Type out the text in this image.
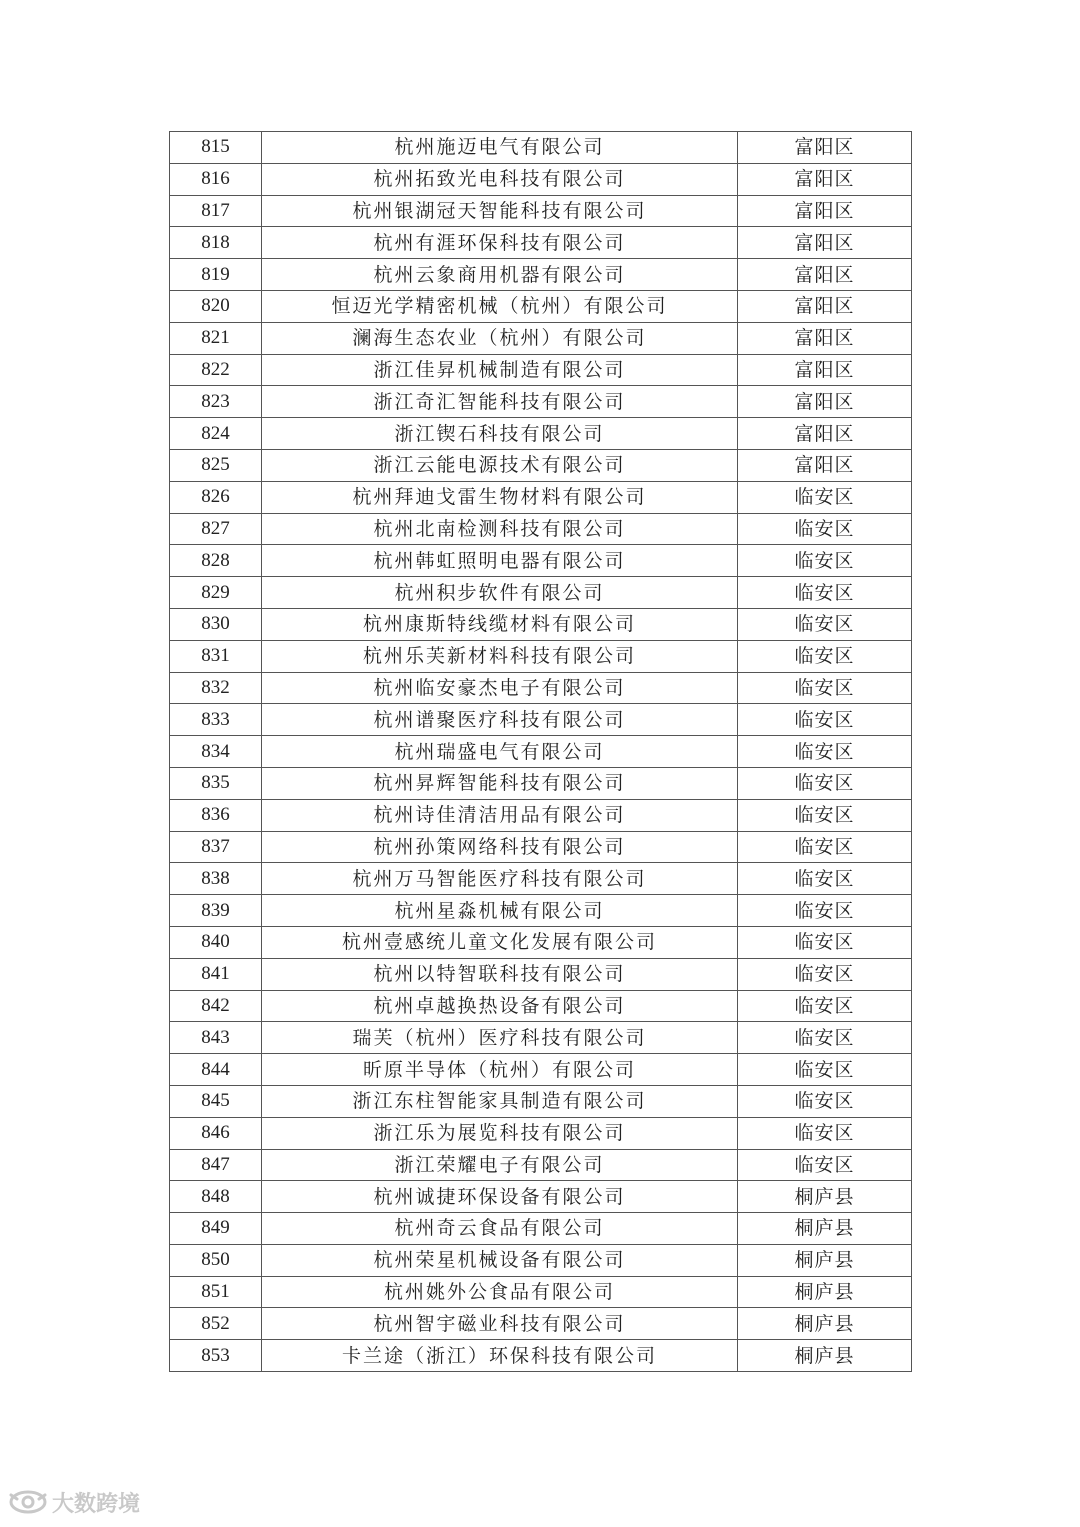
815	杭州施迈电气有限公司	富阳区
816	杭州拓致光电科技有限公司	富阳区
817	杭州银湖冠天智能科技有限公司	富阳区
818	杭州有涯环保科技有限公司	富阳区
819	杭州云象商用机器有限公司	富阳区
820	恒迈光学精密机械（杭州）有限公司	富阳区
821	澜海生态农业（杭州）有限公司	富阳区
822	浙江佳昇机械制造有限公司	富阳区
823	浙江奇汇智能科技有限公司	富阳区
824	浙江锲石科技有限公司	富阳区
825	浙江云能电源技术有限公司	富阳区
826	杭州拜迪戈雷生物材料有限公司	临安区
827	杭州北南检测科技有限公司	临安区
828	杭州韩虹照明电器有限公司	临安区
829	杭州积步软件有限公司	临安区
830	杭州康斯特线缆材料有限公司	临安区
831	杭州乐芙新材料科技有限公司	临安区
832	杭州临安豪杰电子有限公司	临安区
833	杭州谱聚医疗科技有限公司	临安区
834	杭州瑞盛电气有限公司	临安区
835	杭州昇辉智能科技有限公司	临安区
836	杭州诗佳清洁用品有限公司	临安区
837	杭州孙策网络科技有限公司	临安区
838	杭州万马智能医疗科技有限公司	临安区
839	杭州星淼机械有限公司	临安区
840	杭州壹感统儿童文化发展有限公司	临安区
841	杭州以特智联科技有限公司	临安区
842	杭州卓越换热设备有限公司	临安区
843	瑞芙（杭州）医疗科技有限公司	临安区
844	昕原半导体（杭州）有限公司	临安区
845	浙江东柱智能家具制造有限公司	临安区
846	浙江乐为展览科技有限公司	临安区
847	浙江荣耀电子有限公司	临安区
848	杭州诚捷环保设备有限公司	桐庐县
849	杭州奇云食品有限公司	桐庐县
850	杭州荣星机械设备有限公司	桐庐县
851	杭州姚外公食品有限公司	桐庐县
852	杭州智宇磁业科技有限公司	桐庐县
853	卡兰途（浙江）环保科技有限公司	桐庐县
大数跨境
